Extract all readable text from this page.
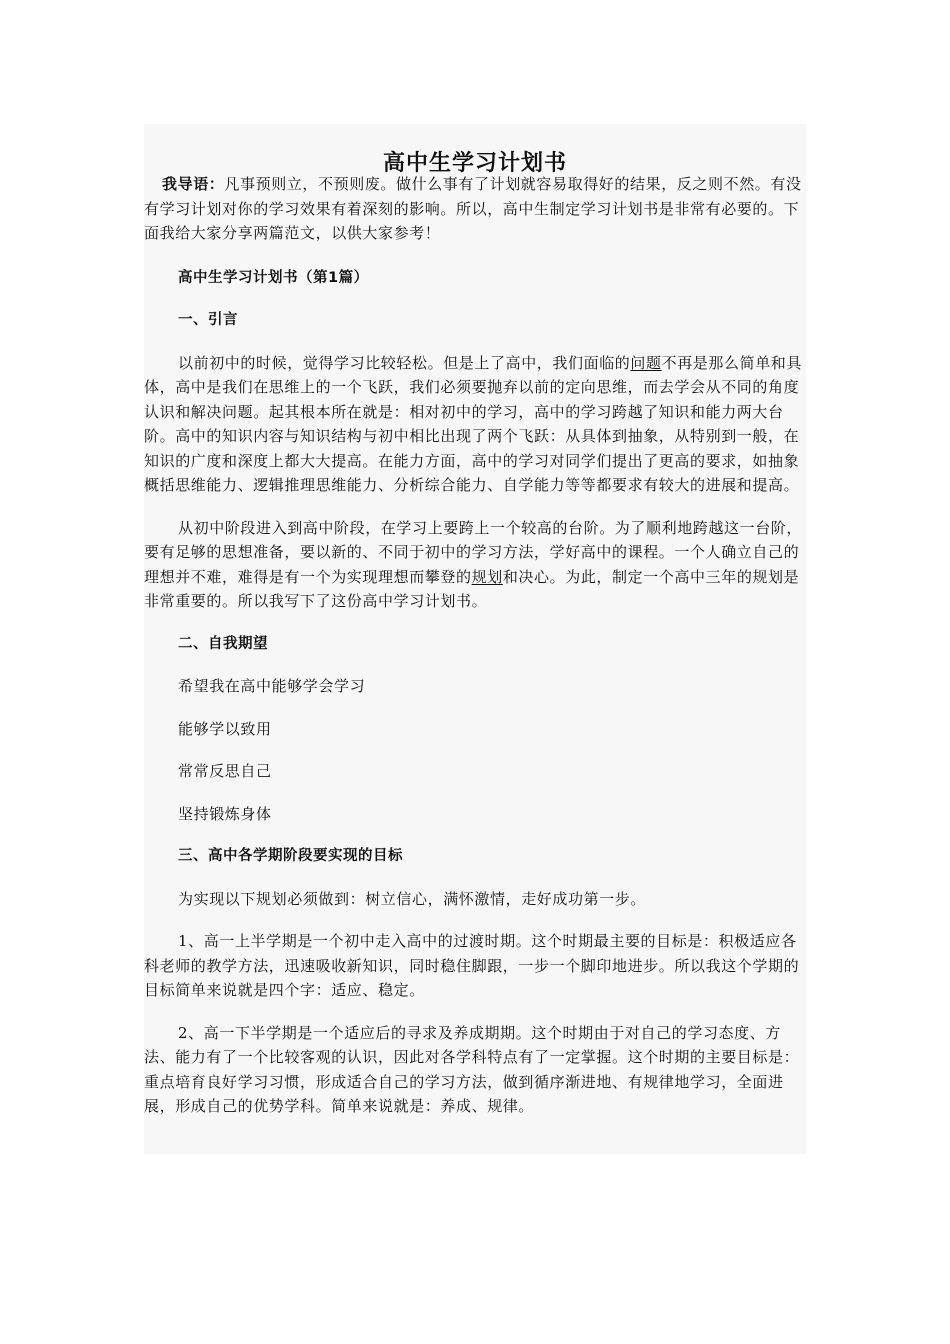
高中生学习计划书

我导语：凡事预则立，不预则废。做什么事有了计划就容易取得好的结果，反之则不然。有没有学习计划对你的学习效果有着深刻的影响。所以，高中生制定学习计划书是非常有必要的。下面我给大家分享两篇范文，以供大家参考！

高中生学习计划书（第1篇）

一、引言

以前初中的时候，觉得学习比较轻松。但是上了高中，我们面临的问题不再是那么简单和具体，高中是我们在思维上的一个飞跃，我们必须要抛弃以前的定向思维，而去学会从不同的角度认识和解决问题。起其根本所在就是：相对初中的学习，高中的学习跨越了知识和能力两大台阶。高中的知识内容与知识结构与初中相比出现了两个飞跃：从具体到抽象，从特别到一般，在知识的广度和深度上都大大提高。在能力方面，高中的学习对同学们提出了更高的要求，如抽象概括思维能力、逻辑推理思维能力、分析综合能力、自学能力等等都要求有较大的进展和提高。

从初中阶段进入到高中阶段，在学习上要跨上一个较高的台阶。为了顺利地跨越这一台阶，要有足够的思想准备，要以新的、不同于初中的学习方法，学好高中的课程。一个人确立自己的理想并不难，难得是有一个为实现理想而攀登的规划和决心。为此，制定一个高中三年的规划是非常重要的。所以我写下了这份高中学习计划书。

二、自我期望

希望我在高中能够学会学习

能够学以致用

常常反思自己

坚持锻炼身体

三、高中各学期阶段要实现的目标

为实现以下规划必须做到：树立信心，满怀激情，走好成功第一步。

1、高一上半学期是一个初中走入高中的过渡时期。这个时期最主要的目标是：积极适应各科老师的教学方法，迅速吸收新知识，同时稳住脚跟，一步一个脚印地进步。所以我这个学期的目标简单来说就是四个字：适应、稳定。

2、高一下半学期是一个适应后的寻求及养成期期。这个时期由于对自己的学习态度、方法、能力有了一个比较客观的认识，因此对各学科特点有了一定掌握。这个时期的主要目标是：重点培育良好学习习惯，形成适合自己的学习方法，做到循序渐进地、有规律地学习，全面进展，形成自己的优势学科。简单来说就是：养成、规律。
